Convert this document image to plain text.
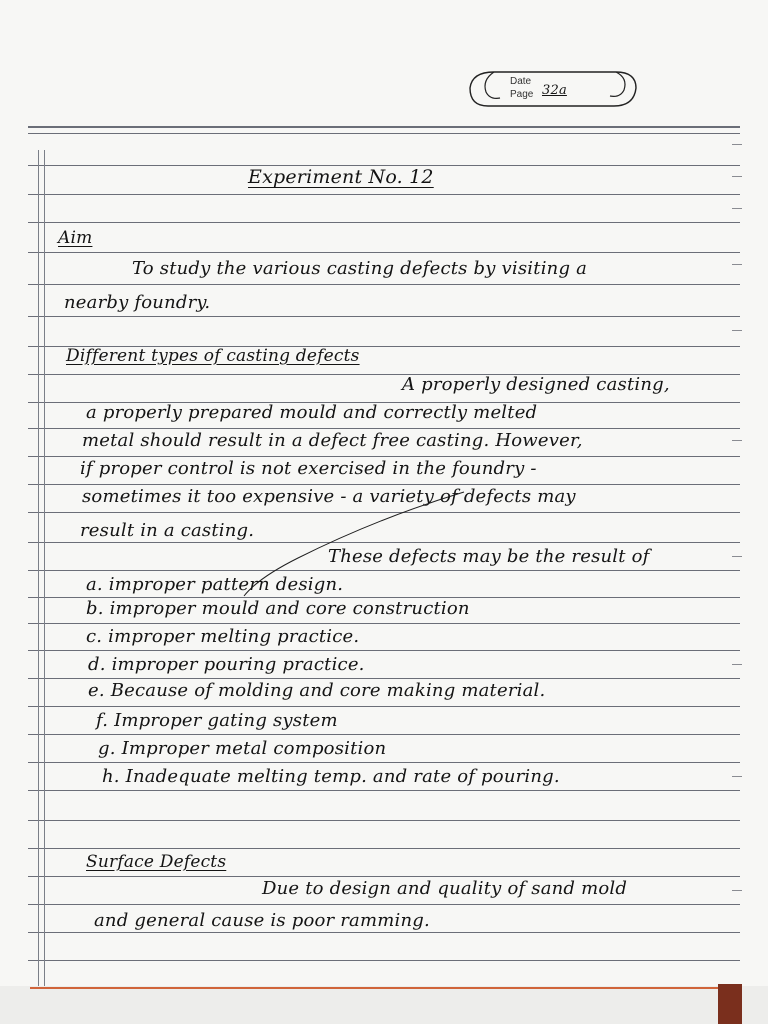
Date
Page 32a
Experiment No. 12
Aim
To study the various casting defects by visiting a
nearby foundry.
Different types of casting defects
A properly designed casting,
a properly prepared mould and correctly melted
metal should result in a defect free casting. However,
if proper control is not exercised in the foundry -
sometimes it too expensive - a variety of defects may
result in a casting.
These defects may be the result of
a. improper pattern design.
b. improper mould and core construction
c. improper melting practice.
d. improper pouring practice.
e. Because of molding and core making material.
f. Improper gating system
g. Improper metal composition
h. Inadequate melting temp. and rate of pouring.
Surface Defects
Due to design and quality of sand mold
and general cause is poor ramming.
